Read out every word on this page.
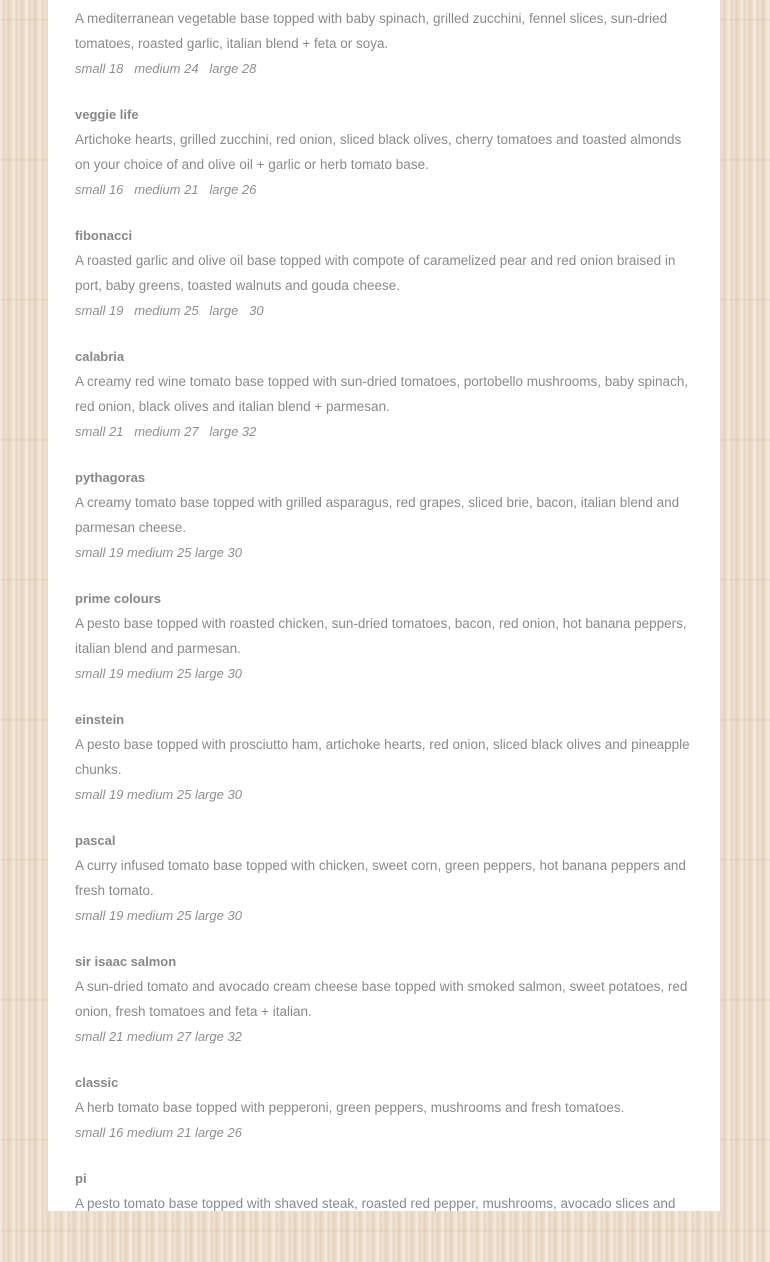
A mediterranean vegetable base topped with baby spinach, grilled zucchini, fennel slices, sun-dried tomatoes, roasted garlic, italian blend + feta or soya.
small 18   medium 24   large 28
veggie life
Artichoke hearts, grilled zucchini, red onion, sliced black olives, cherry tomatoes and toasted almonds on your choice of and olive oil + garlic or herb tomato base.
small 16   medium 21   large 26
fibonacci
A roasted garlic and olive oil base topped with compote of caramelized pear and red onion braised in port, baby greens, toasted walnuts and gouda cheese.
small 19   medium 25   large   30
calabria
A creamy red wine tomato base topped with sun-dried tomatoes, portobello mushrooms, baby spinach, red onion, black olives and italian blend + parmesan.
small 21   medium 27   large 32
pythagoras
A creamy tomato base topped with grilled asparagus, red grapes, sliced brie, bacon, italian blend and parmesan cheese.
small 19 medium 25 large 30
prime colours
A pesto base topped with roasted chicken, sun-dried tomatoes, bacon, red onion, hot banana peppers, italian blend and parmesan.
small 19 medium 25 large 30
einstein
A pesto base topped with prosciutto ham, artichoke hearts, red onion, sliced black olives and pineapple chunks.
small 19 medium 25 large 30
pascal
A curry infused tomato base topped with chicken, sweet corn, green peppers, hot banana peppers and fresh tomato.
small 19 medium 25 large 30
sir isaac salmon
A sun-dried tomato and avocado cream cheese base topped with smoked salmon, sweet potatoes, red onion, fresh tomatoes and feta + italian.
small 21 medium 27 large 32
classic
A herb tomato base topped with pepperoni, green peppers, mushrooms and fresh tomatoes.
small 16 medium 21 large 26
pi
A pesto tomato base topped with shaved steak, roasted red pepper, mushrooms, avocado slices and
